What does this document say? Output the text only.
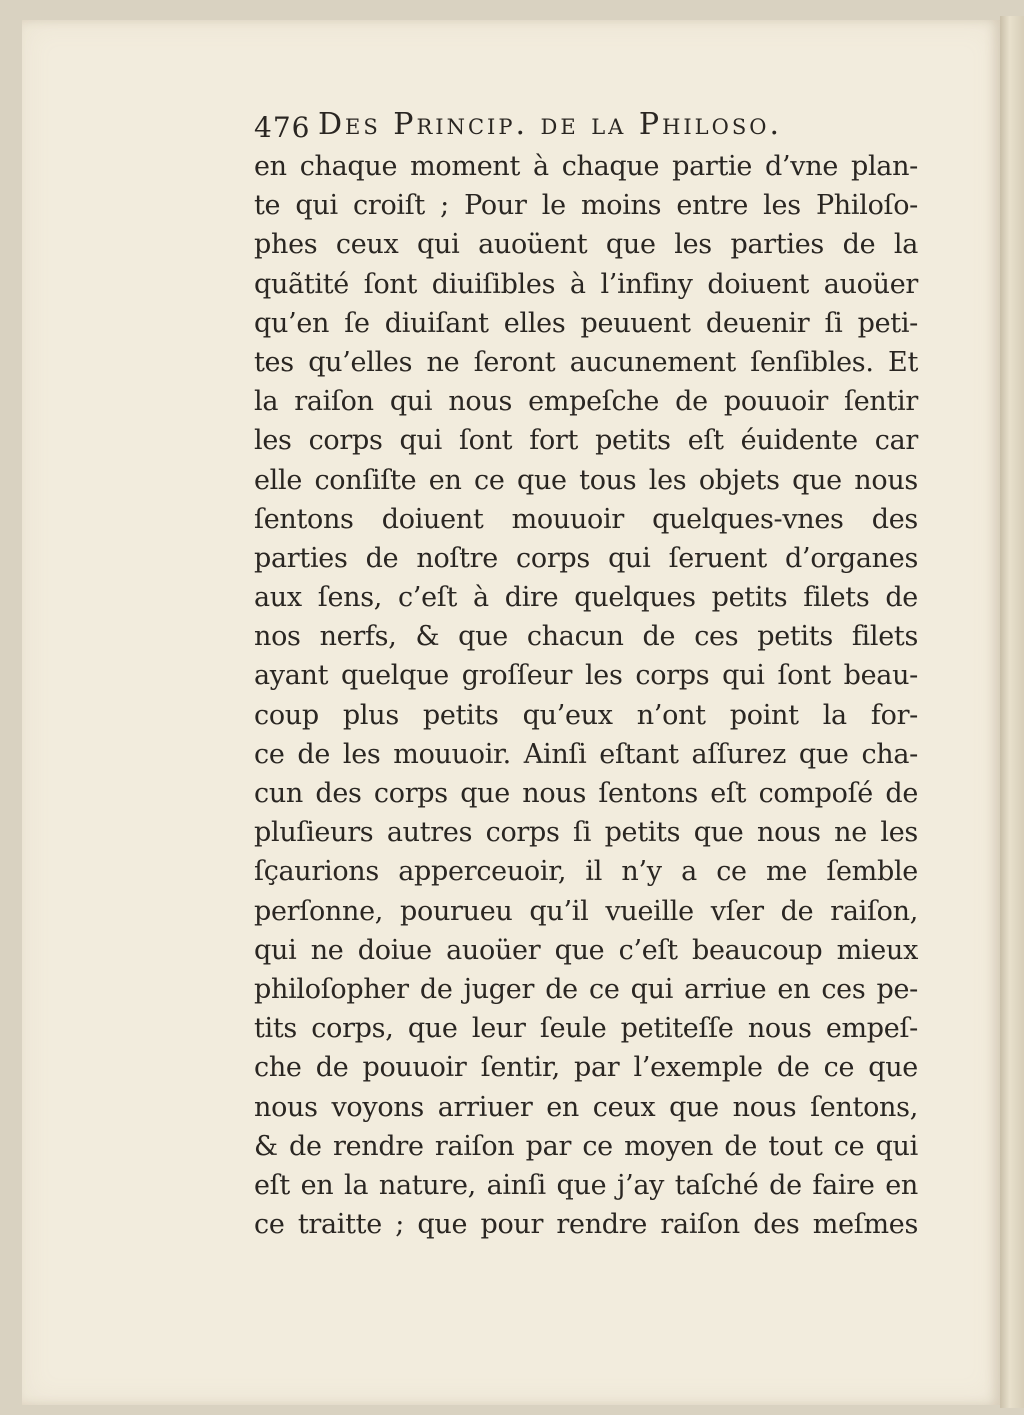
476 Des Princip. de la Philoso.
en chaque moment à chaque partie d’vne plan-
te qui croiſt ; Pour le moins entre les Philoſo-
phes ceux qui auoüent que les parties de la
quãtité ſont diuiſibles à l’infiny doiuent auoüer
qu’en ſe diuiſant elles peuuent deuenir ſi peti-
tes qu’elles ne ſeront aucunement ſenſibles. Et
la raiſon qui nous empeſche de pouuoir ſentir
les corps qui ſont fort petits eſt éuidente car
elle conſiſte en ce que tous les objets que nous
ſentons doiuent mouuoir quelques-vnes des
parties de noſtre corps qui ſeruent d’organes
aux ſens, c’eſt à dire quelques petits filets de
nos nerfs, & que chacun de ces petits filets
ayant quelque groſſeur les corps qui ſont beau-
coup plus petits qu’eux n’ont point la for-
ce de les mouuoir. Ainſi eſtant aſſurez que cha-
cun des corps que nous ſentons eſt compoſé de
pluſieurs autres corps ſi petits que nous ne les
ſçaurions apperceuoir, il n’y a ce me ſemble
perſonne, pourueu qu’il vueille vſer de raiſon,
qui ne doiue auoüer que c’eſt beaucoup mieux
philoſopher de juger de ce qui arriue en ces pe-
tits corps, que leur ſeule petiteſſe nous empeſ-
che de pouuoir ſentir, par l’exemple de ce que
nous voyons arriuer en ceux que nous ſentons,
& de rendre raiſon par ce moyen de tout ce qui
eſt en la nature, ainſi que j’ay taſché de faire en
ce traitte ; que pour rendre raiſon des meſmes
